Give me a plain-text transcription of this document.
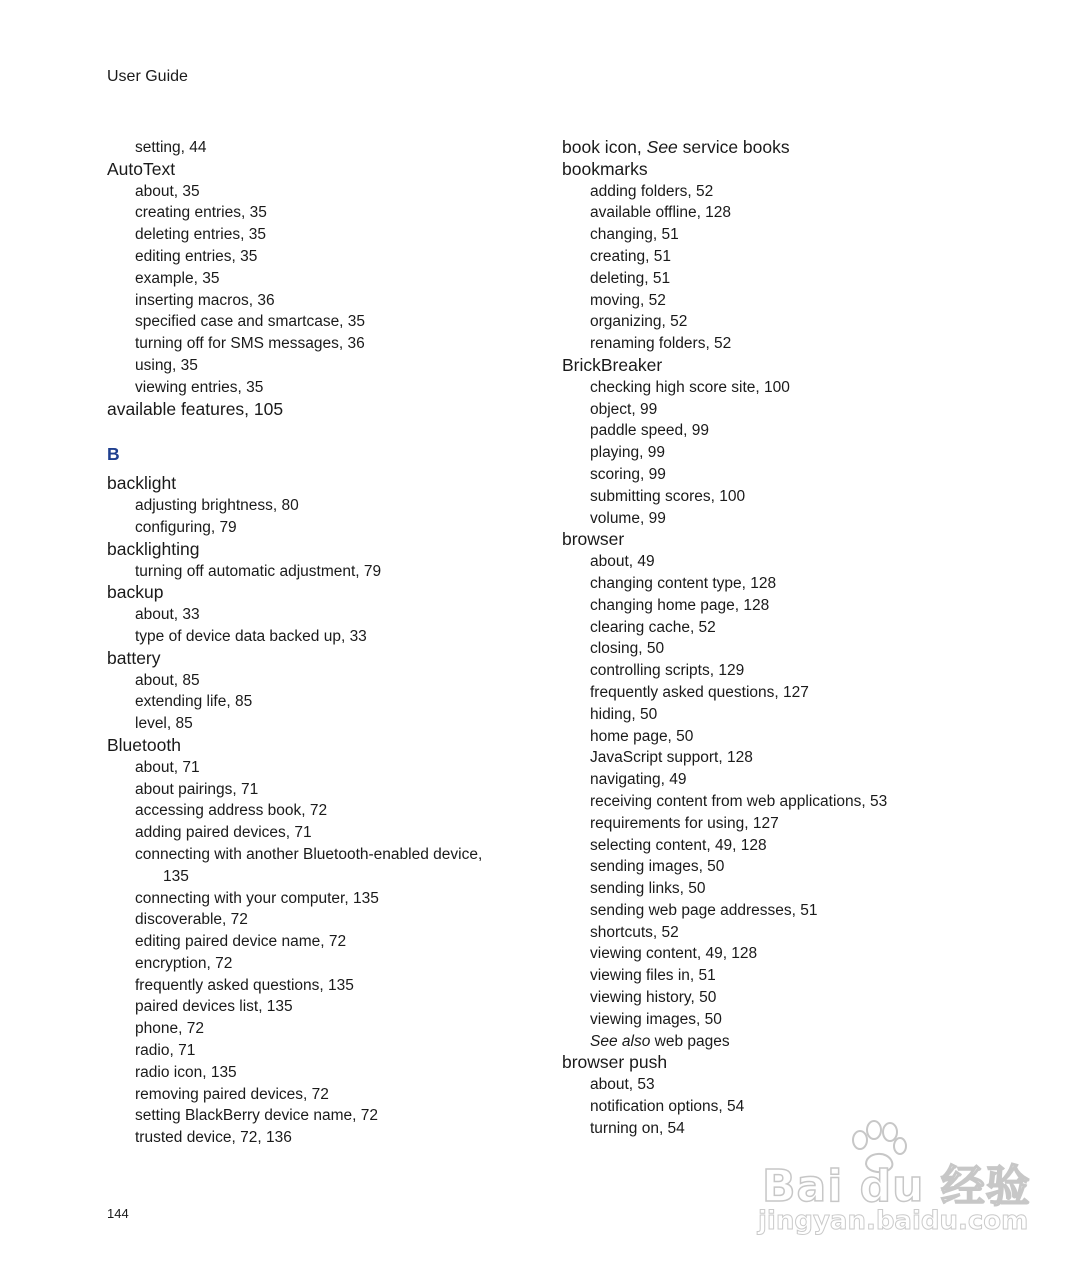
User Guide
setting, 44
AutoText
about, 35
creating entries, 35
deleting entries, 35
editing entries, 35
example, 35
inserting macros, 36
specified case and smartcase, 35
turning off for SMS messages, 36
using, 35
viewing entries, 35
available features, 105
B
backlight
adjusting brightness, 80
configuring, 79
backlighting
turning off automatic adjustment, 79
backup
about, 33
type of device data backed up, 33
battery
about, 85
extending life, 85
level, 85
Bluetooth
about, 71
about pairings, 71
accessing address book, 72
adding paired devices, 71
connecting with another Bluetooth-enabled device,
135
connecting with your computer, 135
discoverable, 72
editing paired device name, 72
encryption, 72
frequently asked questions, 135
paired devices list, 135
phone, 72
radio, 71
radio icon, 135
removing paired devices, 72
setting BlackBerry device name, 72
trusted device, 72, 136
book icon, See service books
bookmarks
adding folders, 52
available offline, 128
changing, 51
creating, 51
deleting, 51
moving, 52
organizing, 52
renaming folders, 52
BrickBreaker
checking high score site, 100
object, 99
paddle speed, 99
playing, 99
scoring, 99
submitting scores, 100
volume, 99
browser
about, 49
changing content type, 128
changing home page, 128
clearing cache, 52
closing, 50
controlling scripts, 129
frequently asked questions, 127
hiding, 50
home page, 50
JavaScript support, 128
navigating, 49
receiving content from web applications, 53
requirements for using, 127
selecting content, 49, 128
sending images, 50
sending links, 50
sending web page addresses, 51
shortcuts, 52
viewing content, 49, 128
viewing files in, 51
viewing history, 50
viewing images, 50
See also web pages
browser push
about, 53
notification options, 54
turning on, 54
144
Bai du 经验
jingyan.baidu.com
